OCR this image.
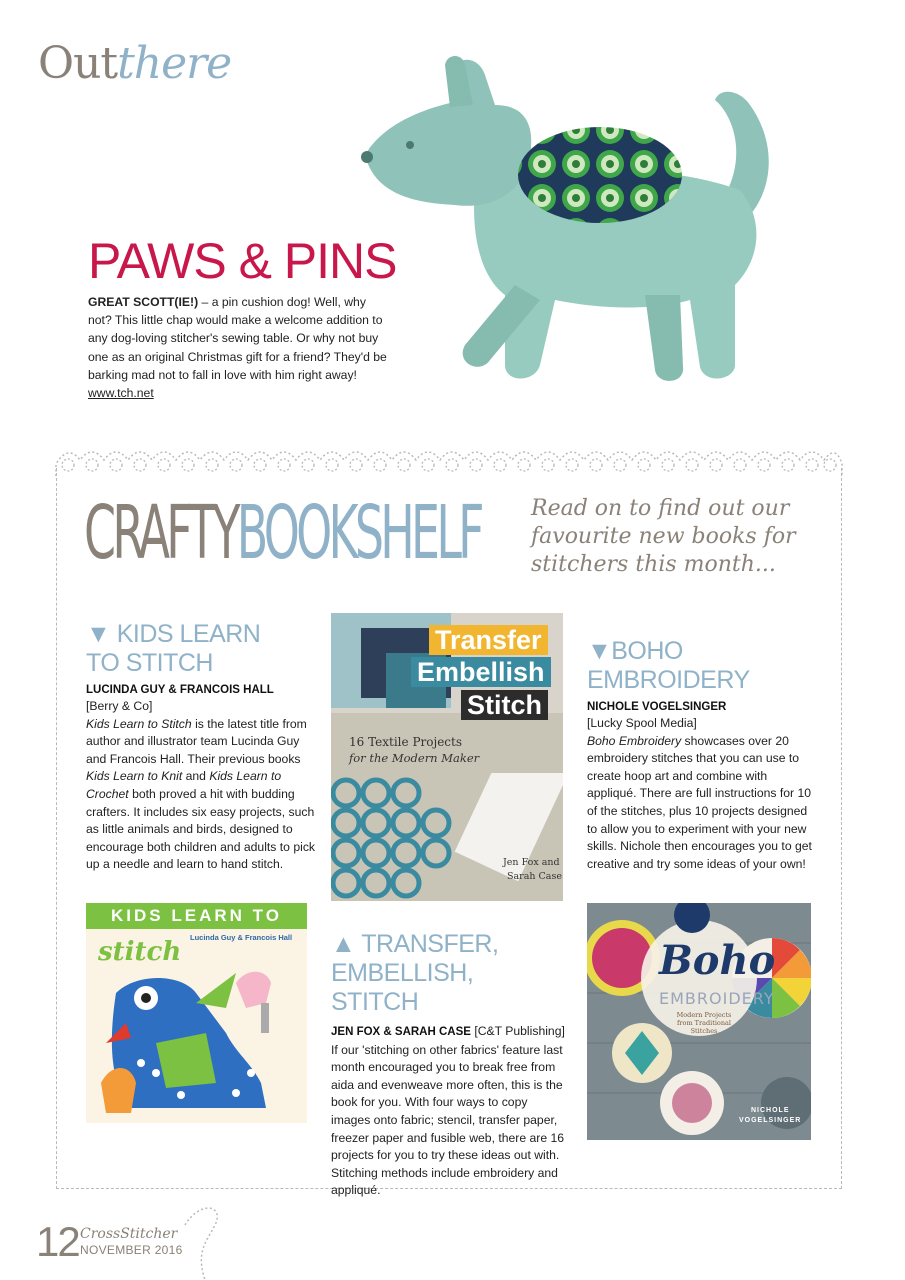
Outthere
PAWS & PINS
GREAT SCOTT(IE!) – a pin cushion dog! Well, why not? This little chap would make a welcome addition to any dog-loving stitcher's sewing table. Or why not buy one as an original Christmas gift for a friend? They'd be barking mad not to fall in love with him right away! www.tch.net
CRAFTYBOOKSHELF Read on to find out our favourite new books for stitchers this month...
▼ KIDS LEARN
TO STITCH
LUCINDA GUY & FRANCOIS HALL
[Berry & Co]
Kids Learn to Stitch is the latest title from author and illustrator team Lucinda Guy and Francois Hall. Their previous books Kids Learn to Knit and Kids Learn to Crochet both proved a hit with budding crafters. It includes six easy projects, such as little animals and birds, designed to encourage both children and adults to pick up a needle and learn to hand stitch.
KIDS LEARN TO
Lucinda Guy & Francois Hall
stitch
Transfer
Embellish
Stitch
16 Textile Projects
for the Modern Maker
Jen Fox and
Sarah Case
▲ TRANSFER,
EMBELLISH, STITCH
JEN FOX & SARAH CASE [C&T Publishing]
If our 'stitching on other fabrics' feature last month encouraged you to break free from aida and evenweave more often, this is the book for you. With four ways to copy images onto fabric; stencil, transfer paper, freezer paper and fusible web, there are 16 projects for you to try these ideas out with. Stitching methods include embroidery and appliqué.
▼BOHO
EMBROIDERY
NICHOLE VOGELSINGER
[Lucky Spool Media]
Boho Embroidery showcases over 20 embroidery stitches that you can use to create hoop art and combine with appliqué. There are full instructions for 10 of the stitches, plus 10 projects designed to allow you to experiment with your new skills. Nichole then encourages you to get creative and try some ideas of your own!
Boho
EMBROIDERY
Modern Projects from Traditional Stitches
NICHOLE
VOGELSINGER
12 CrossStitcher
NOVEMBER 2016
